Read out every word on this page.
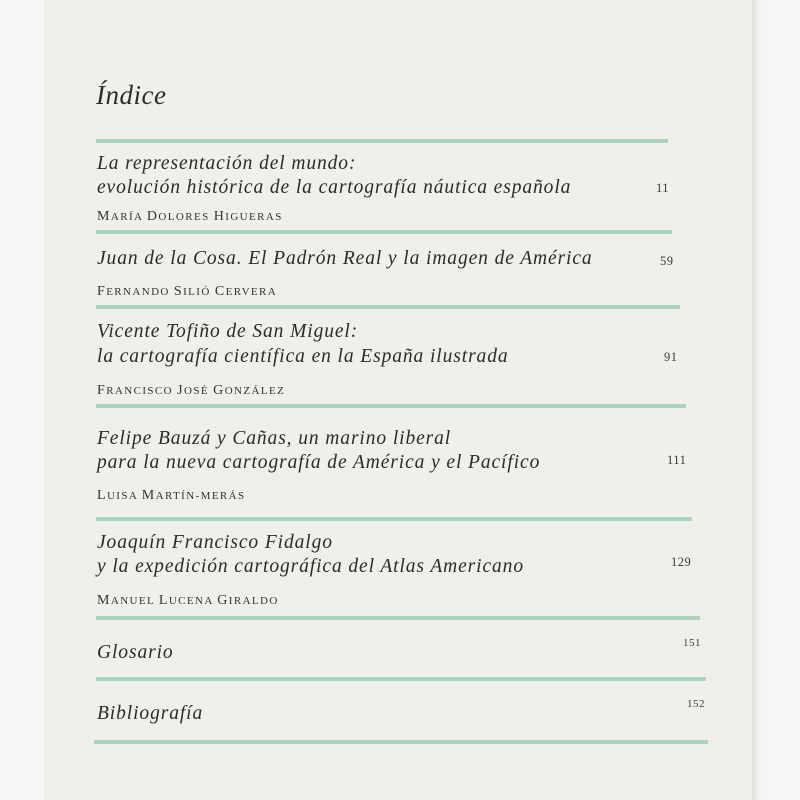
Índice
La representación del mundo:
evolución histórica de la cartografía náutica española	11
MARÍA DOLORES HIGUERAS
Juan de la Cosa. El Padrón Real y la imagen de América	59
FERNANDO SILIÓ CERVERA
Vicente Tofiño de San Miguel:
la cartografía científica en la España ilustrada	91
FRANCISCO JOSÉ GONZÁLEZ
Felipe Bauzá y Cañas, un marino liberal
para la nueva cartografía de América y el Pacífico	111
LUISA MARTÍN-MERÁS
Joaquín Francisco Fidalgo
y la expedición cartográfica del Atlas Americano	129
MANUEL LUCENA GIRALDO
Glosario	151
Bibliografía	152
